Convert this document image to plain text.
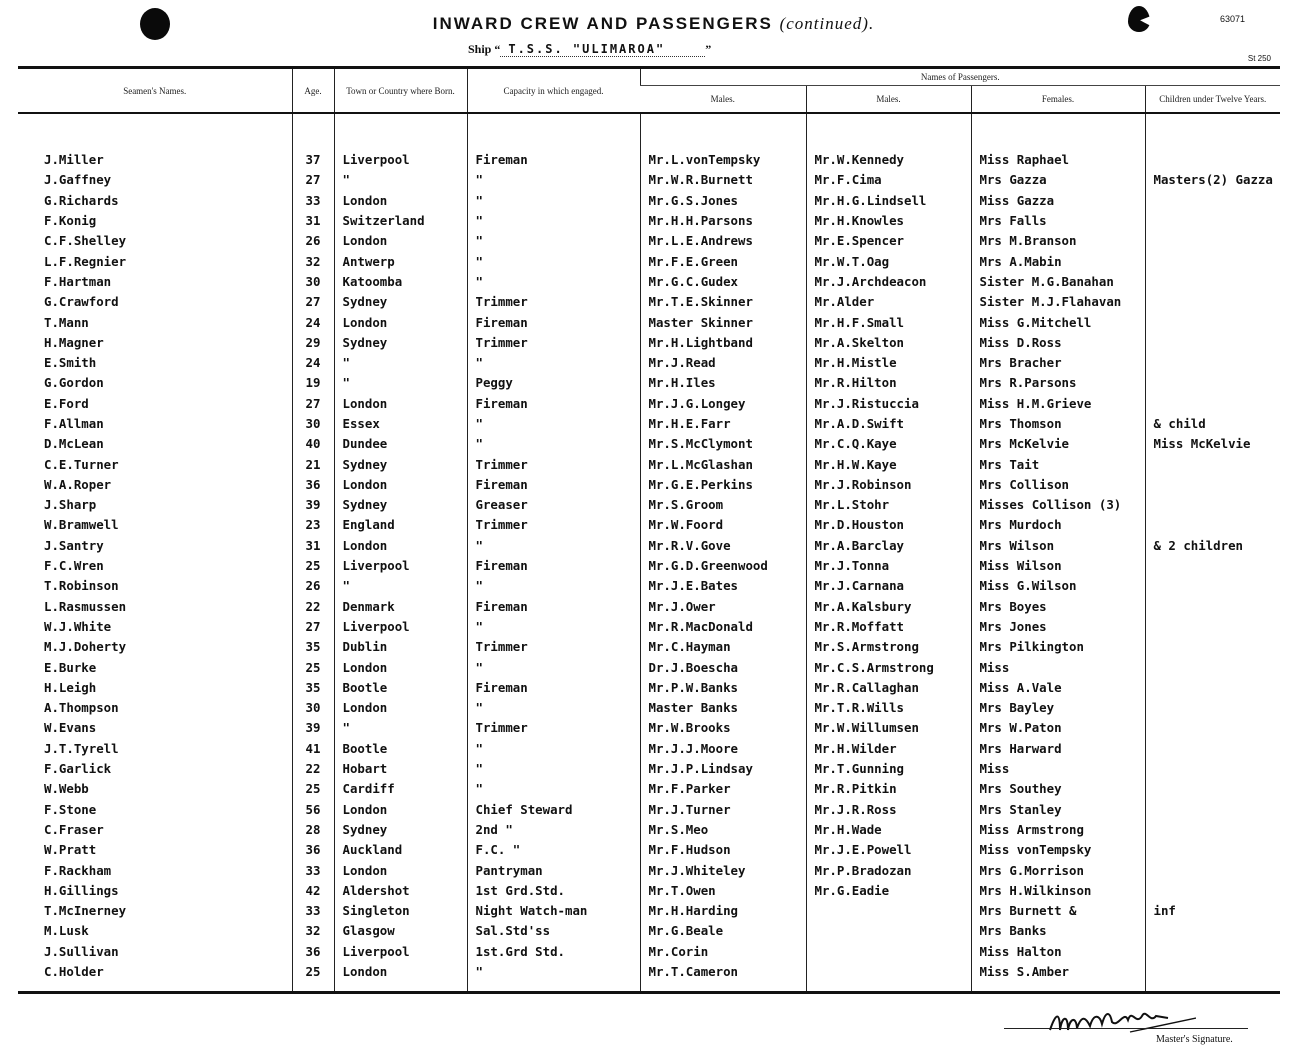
INWARD CREW AND PASSENGERS (continued).	63071
St 250
Ship “ T.S.S. "ULIMAROA"	”
Seamen's Names.	Age.	Town or Country where Born.	Capacity in which engaged.	Names of Passengers.			
				Males.	Males.	Females.	Children under Twelve Years.

J.Miller	37	Liverpool	Fireman	Mr.L.vonTempsky	Mr.W.Kennedy	Miss Raphael	
J.Gaffney	27	"	"	Mr.W.R.Burnett	Mr.F.Cima	Mrs Gazza	Masters(2) Gazza
G.Richards	33	London	"	Mr.G.S.Jones	Mr.H.G.Lindsell	Miss Gazza	
F.Konig	31	Switzerland	"	Mr.H.H.Parsons	Mr.H.Knowles	Mrs Falls	
C.F.Shelley	26	London	"	Mr.L.E.Andrews	Mr.E.Spencer	Mrs M.Branson	
L.F.Regnier	32	Antwerp	"	Mr.F.E.Green	Mr.W.T.Oag	Mrs A.Mabin	
F.Hartman	30	Katoomba	"	Mr.G.C.Gudex	Mr.J.Archdeacon	Sister M.G.Banahan	
G.Crawford	27	Sydney	Trimmer	Mr.T.E.Skinner	Mr.Alder	Sister M.J.Flahavan	
T.Mann	24	London	Fireman	Master Skinner	Mr.H.F.Small	Miss G.Mitchell	
H.Magner	29	Sydney	Trimmer	Mr.H.Lightband	Mr.A.Skelton	Miss D.Ross	
E.Smith	24	"	"	Mr.J.Read	Mr.H.Mistle	Mrs Bracher	
G.Gordon	19	"	Peggy	Mr.H.Iles	Mr.R.Hilton	Mrs R.Parsons	
E.Ford	27	London	Fireman	Mr.J.G.Longey	Mr.J.Ristuccia	Miss H.M.Grieve	
F.Allman	30	Essex	"	Mr.H.E.Farr	Mr.A.D.Swift	Mrs Thomson	& child
D.McLean	40	Dundee	"	Mr.S.McClymont	Mr.C.Q.Kaye	Mrs McKelvie	Miss McKelvie
C.E.Turner	21	Sydney	Trimmer	Mr.L.McGlashan	Mr.H.W.Kaye	Mrs Tait	
W.A.Roper	36	London	Fireman	Mr.G.E.Perkins	Mr.J.Robinson	Mrs Collison	
J.Sharp	39	Sydney	Greaser	Mr.S.Groom	Mr.L.Stohr	Misses Collison (3)	
W.Bramwell	23	England	Trimmer	Mr.W.Foord	Mr.D.Houston	Mrs Murdoch	
J.Santry	31	London	"	Mr.R.V.Gove	Mr.A.Barclay	Mrs Wilson	& 2 children
F.C.Wren	25	Liverpool	Fireman	Mr.G.D.Greenwood	Mr.J.Tonna	Miss Wilson	
T.Robinson	26	"	"	Mr.J.E.Bates	Mr.J.Carnana	Miss G.Wilson	
L.Rasmussen	22	Denmark	Fireman	Mr.J.Ower	Mr.A.Kalsbury	Mrs Boyes	
W.J.White	27	Liverpool	"	Mr.R.MacDonald	Mr.R.Moffatt	Mrs Jones	
M.J.Doherty	35	Dublin	Trimmer	Mr.C.Hayman	Mr.S.Armstrong	Mrs Pilkington	
E.Burke	25	London	"	Dr.J.Boescha	Mr.C.S.Armstrong	Miss	
H.Leigh	35	Bootle	Fireman	Mr.P.W.Banks	Mr.R.Callaghan	Miss A.Vale	
A.Thompson	30	London	"	Master Banks	Mr.T.R.Wills	Mrs Bayley	
W.Evans	39	"	Trimmer	Mr.W.Brooks	Mr.W.Willumsen	Mrs W.Paton	
J.T.Tyrell	41	Bootle	"	Mr.J.J.Moore	Mr.H.Wilder	Mrs Harward	
F.Garlick	22	Hobart	"	Mr.J.P.Lindsay	Mr.T.Gunning	Miss	
W.Webb	25	Cardiff	"	Mr.F.Parker	Mr.R.Pitkin	Mrs Southey	
F.Stone	56	London	Chief Steward	Mr.J.Turner	Mr.J.R.Ross	Mrs Stanley	
C.Fraser	28	Sydney	2nd "	Mr.S.Meo	Mr.H.Wade	Miss Armstrong	
W.Pratt	36	Auckland	F.C. "	Mr.F.Hudson	Mr.J.E.Powell	Miss vonTempsky	
F.Rackham	33	London	Pantryman	Mr.J.Whiteley	Mr.P.Bradozan	Mrs G.Morrison	
H.Gillings	42	Aldershot	1st Grd.Std.	Mr.T.Owen	Mr.G.Eadie	Mrs H.Wilkinson	
T.McInerney	33	Singleton	Night Watch-man	Mr.H.Harding		Mrs Burnett &	inf
M.Lusk	32	Glasgow	Sal.Std'ss	Mr.G.Beale		Mrs Banks	
J.Sullivan	36	Liverpool	1st.Grd Std.	Mr.Corin		Miss Halton	
C.Holder	25	London	"	Mr.T.Cameron		Miss S.Amber	

Master's Signature.
